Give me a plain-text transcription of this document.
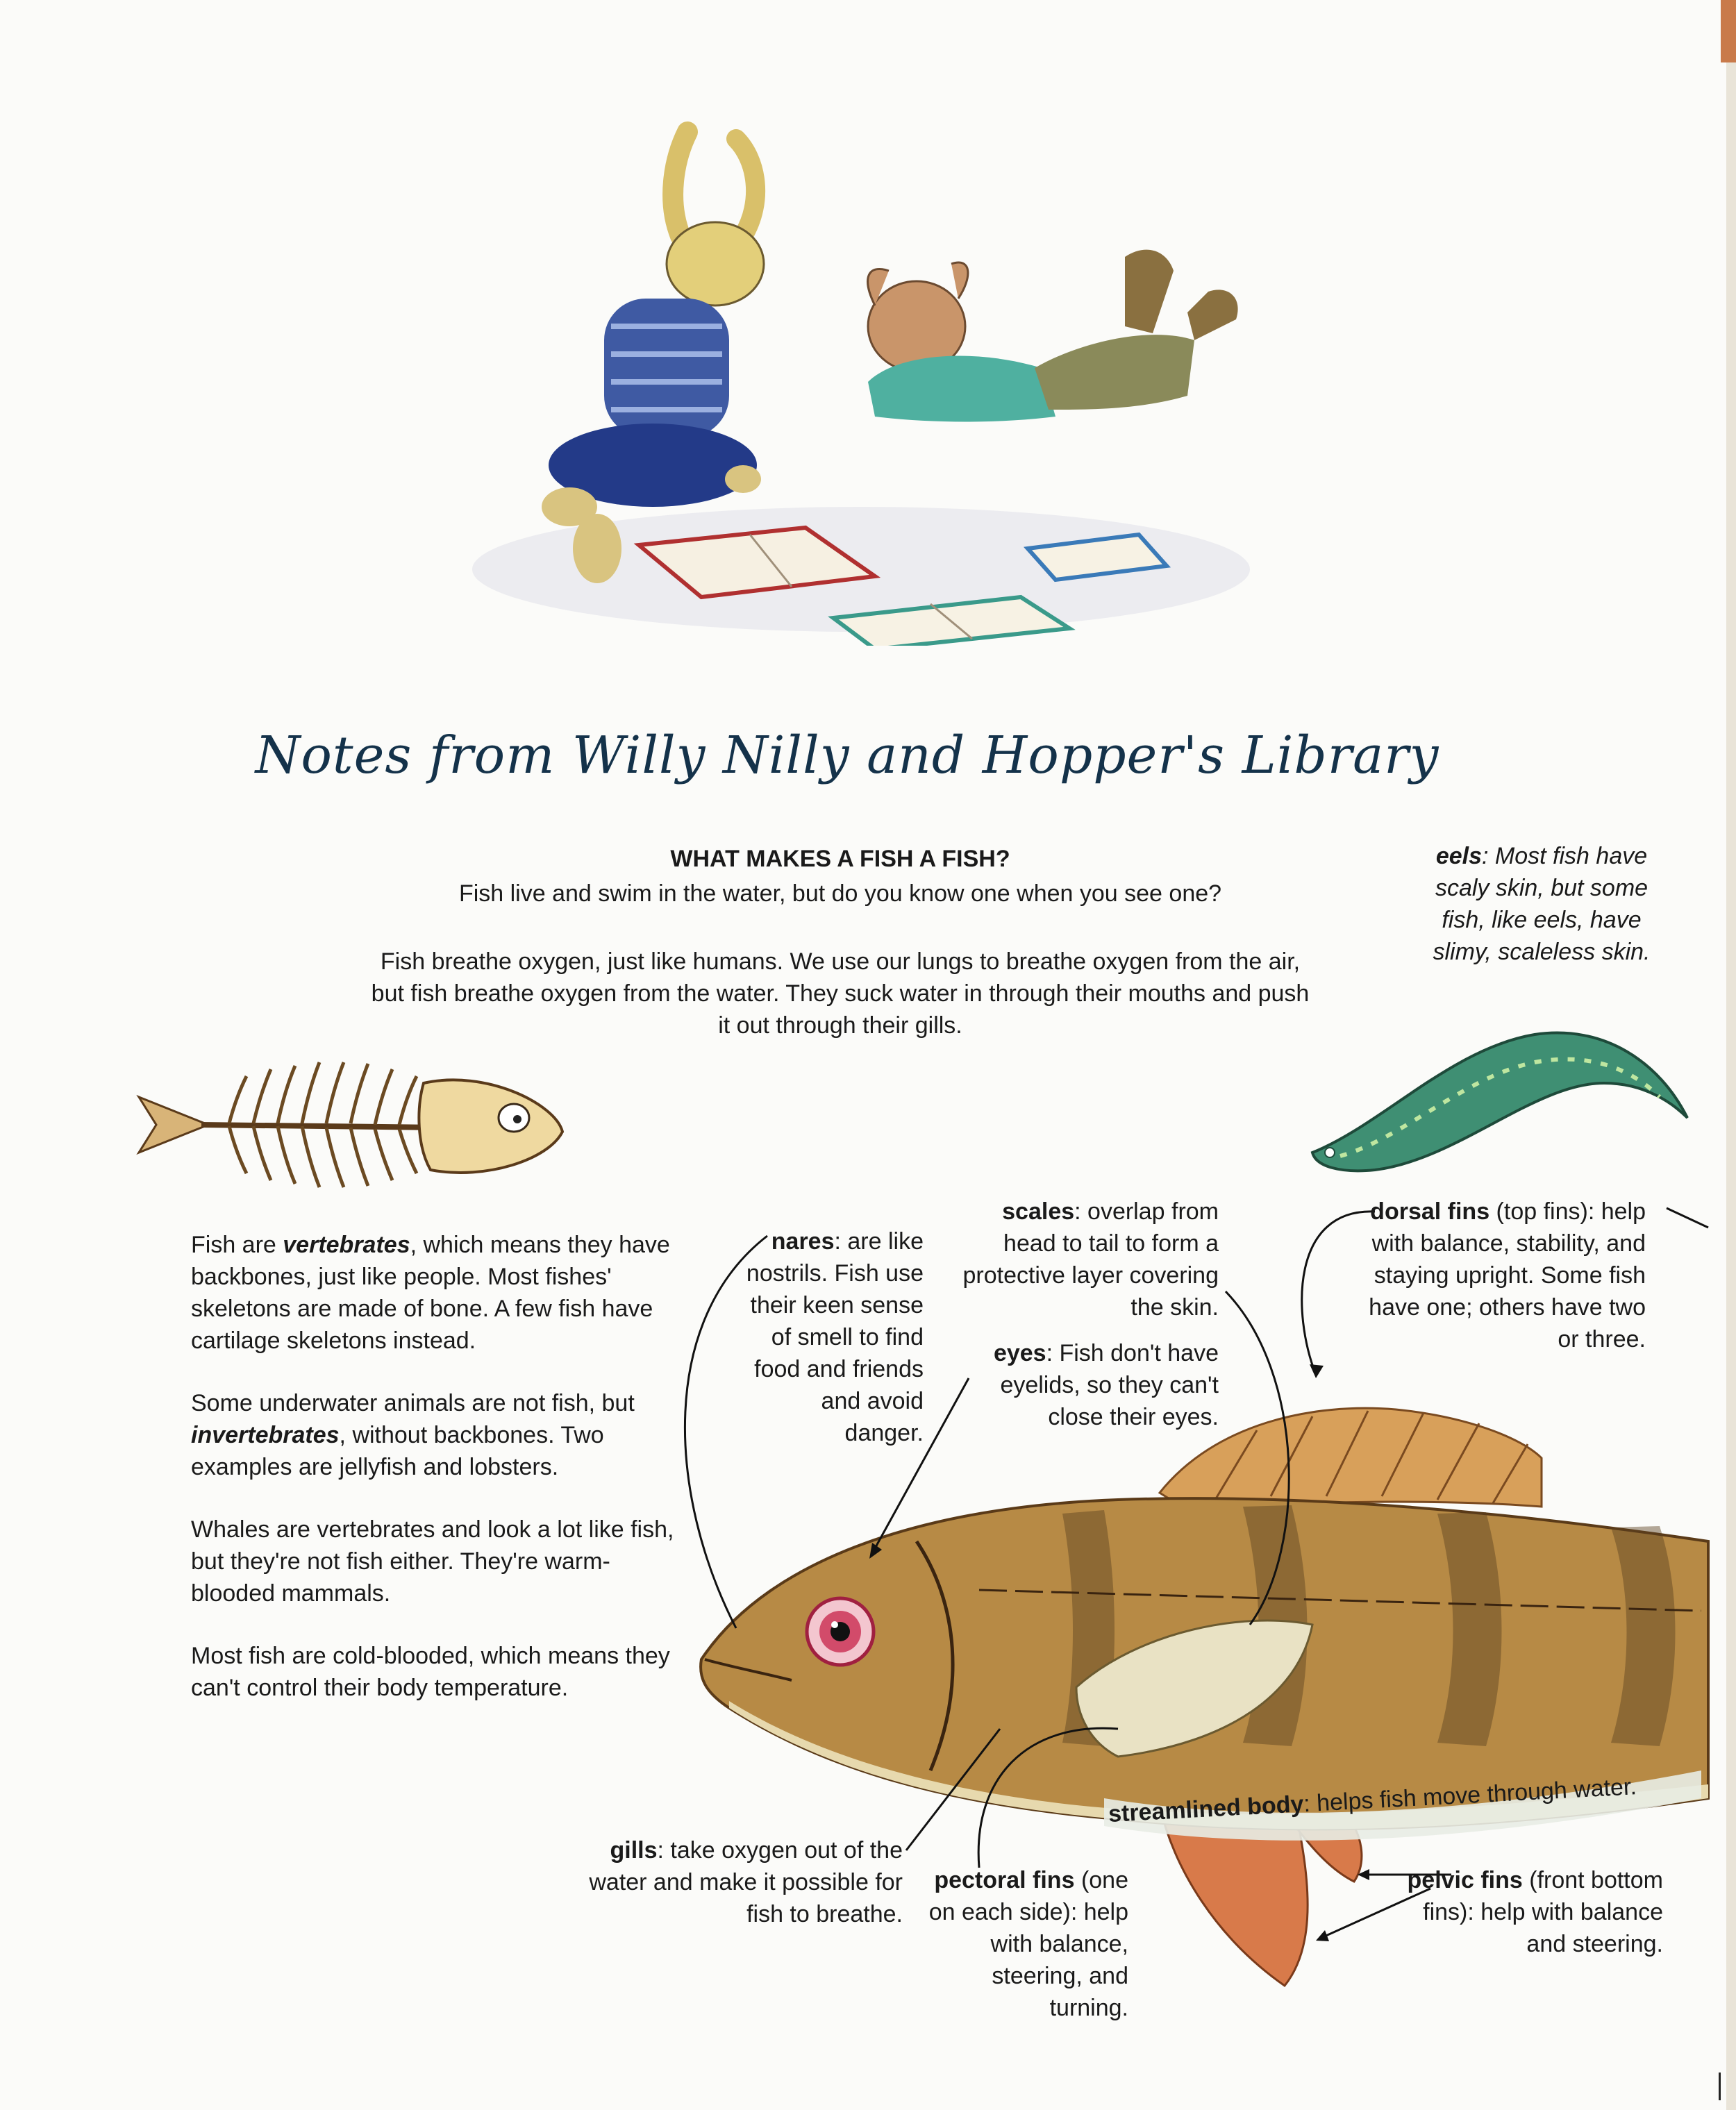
Notes from Willy Nilly and Hopper's Library
WHAT MAKES A FISH A FISH?
Fish live and swim in the water, but do you know one when you see one?
Fish breathe oxygen, just like humans. We use our lungs to breathe oxygen from the air, but fish breathe oxygen from the water. They suck water in through their mouths and push it out through their gills.
eels: Most fish have scaly skin, but some fish, like eels, have slimy, scaleless skin.
Fish are vertebrates, which means they have backbones, just like people. Most fishes' skeletons are made of bone. A few fish have cartilage skeletons instead.
Some underwater animals are not fish, but invertebrates, without backbones. Two examples are jellyfish and lobsters.
Whales are vertebrates and look a lot like fish, but they're not fish either. They're warm-blooded mammals.
Most fish are cold-blooded, which means they can't control their body temperature.
nares: are like nostrils. Fish use their keen sense of smell to find food and friends and avoid danger.
scales: overlap from head to tail to form a protective layer covering the skin.
eyes: Fish don't have eyelids, so they can't close their eyes.
dorsal fins (top fins): help with balance, stability, and staying upright. Some fish have one; others have two or three.
streamlined body: helps fish move through water.
gills: take oxygen out of the water and make it possible for fish to breathe.
pectoral fins (one on each side): help with balance, steering, and turning.
pelvic fins (front bottom fins): help with balance and steering.
